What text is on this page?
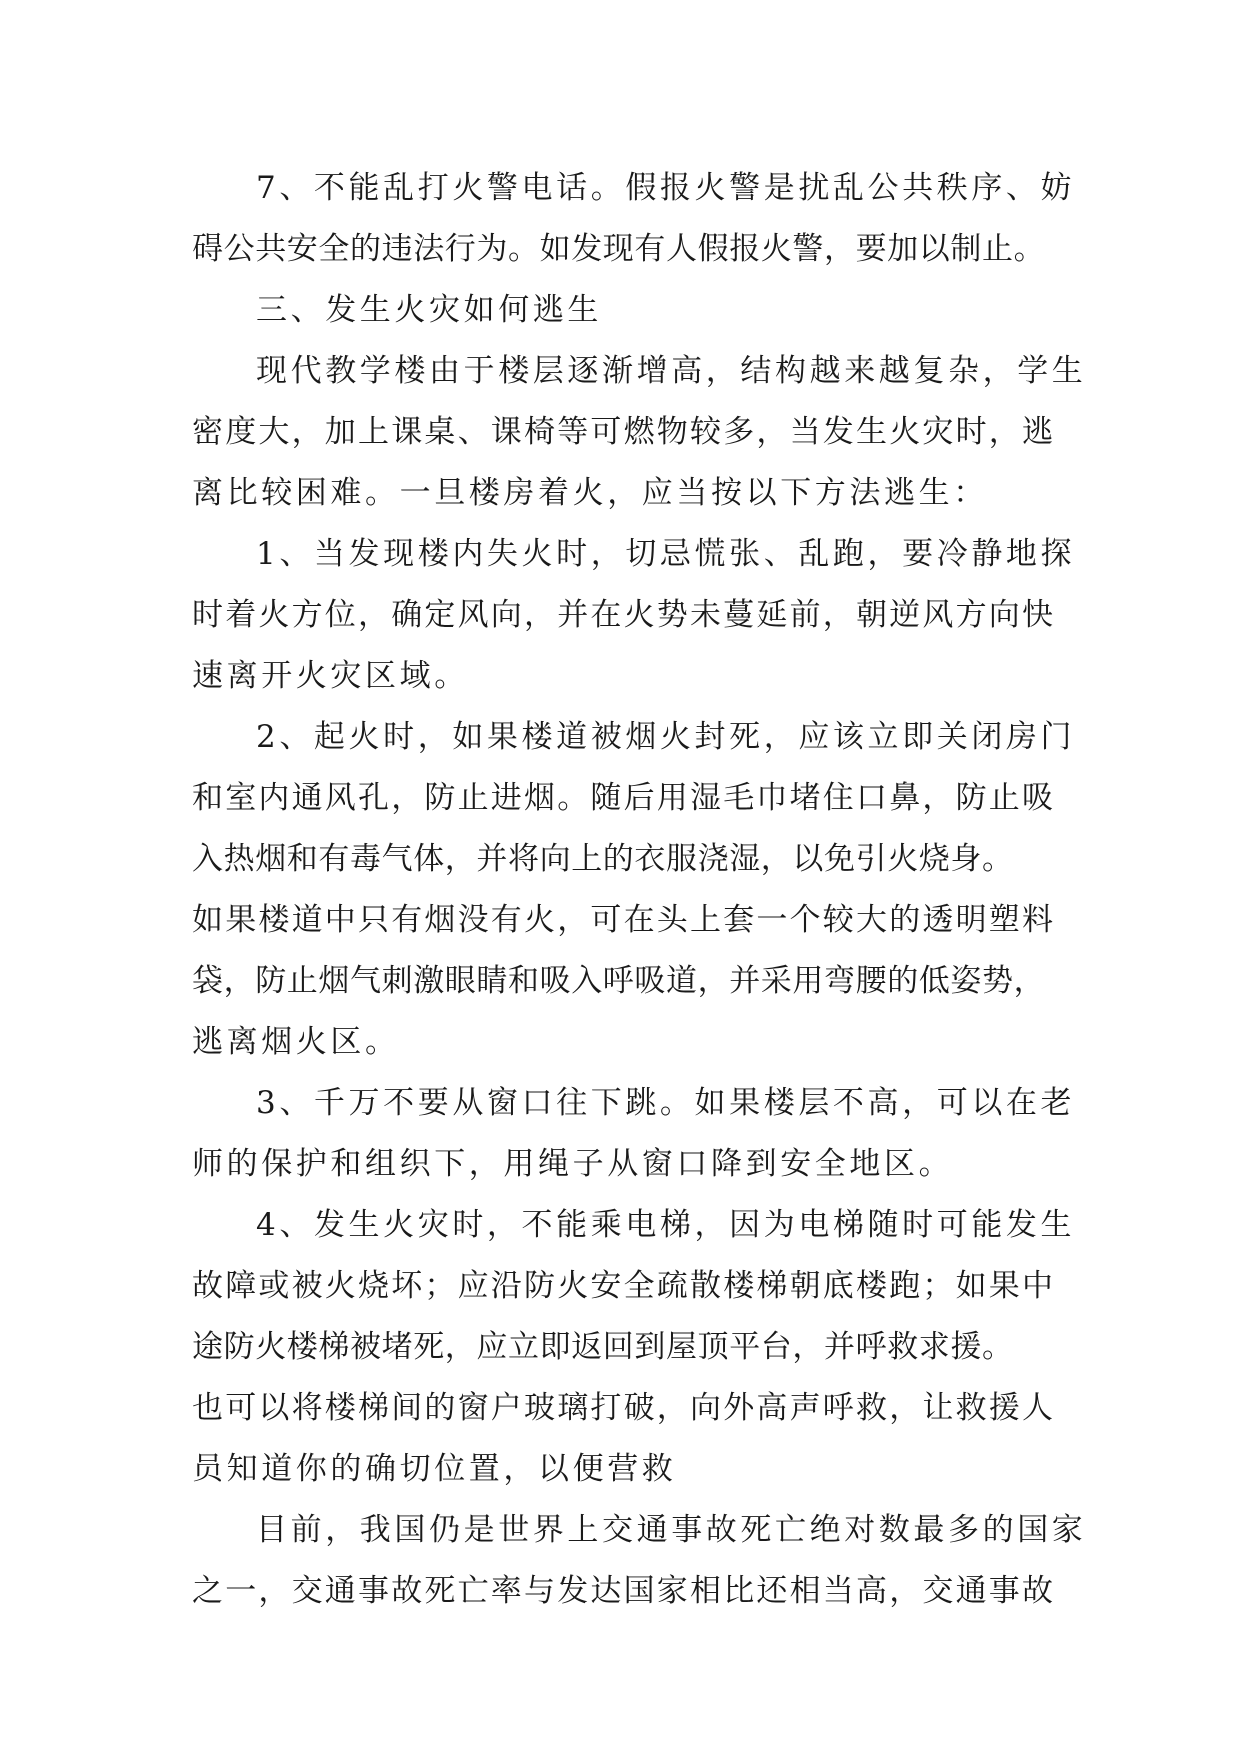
7、不能乱打火警电话。假报火警是扰乱公共秩序、妨
碍公共安全的违法行为。如发现有人假报火警，要加以制止。
三、发生火灾如何逃生
现代教学楼由于楼层逐渐增高，结构越来越复杂，学生
密度大，加上课桌、课椅等可燃物较多，当发生火灾时，逃
离比较困难。一旦楼房着火，应当按以下方法逃生：
1、当发现楼内失火时，切忌慌张、乱跑，要冷静地探
时着火方位，确定风向，并在火势未蔓延前，朝逆风方向快
速离开火灾区域。
2、起火时，如果楼道被烟火封死，应该立即关闭房门
和室内通风孔，防止进烟。随后用湿毛巾堵住口鼻，防止吸
入热烟和有毒气体，并将向上的衣服浇湿，以免引火烧身。
如果楼道中只有烟没有火，可在头上套一个较大的透明塑料
袋，防止烟气刺激眼睛和吸入呼吸道，并采用弯腰的低姿势，
逃离烟火区。
3、千万不要从窗口往下跳。如果楼层不高，可以在老
师的保护和组织下，用绳子从窗口降到安全地区。
4、发生火灾时，不能乘电梯，因为电梯随时可能发生
故障或被火烧坏；应沿防火安全疏散楼梯朝底楼跑；如果中
途防火楼梯被堵死，应立即返回到屋顶平台，并呼救求援。
也可以将楼梯间的窗户玻璃打破，向外高声呼救，让救援人
员知道你的确切位置，以便营救
目前，我国仍是世界上交通事故死亡绝对数最多的国家
之一，交通事故死亡率与发达国家相比还相当高，交通事故
